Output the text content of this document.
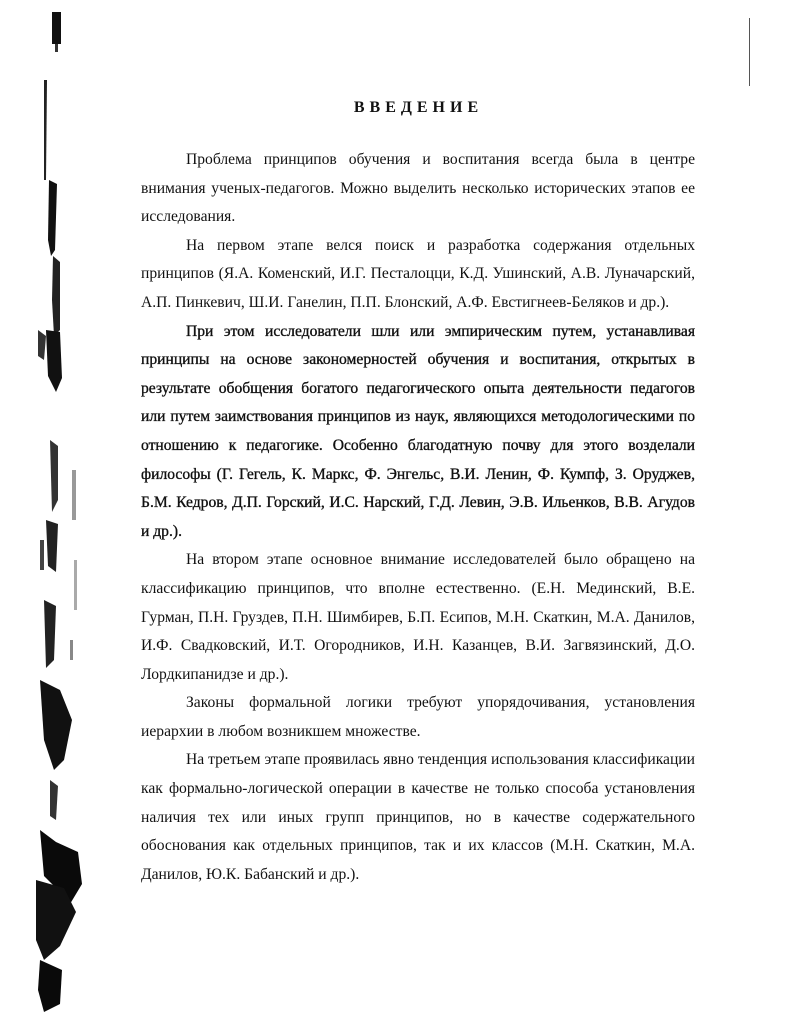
ВВЕДЕНИЕ

Проблема принципов обучения и воспитания всегда была в центре внимания ученых-педагогов. Можно выделить несколько исторических этапов ее исследования.

На первом этапе велся поиск и разработка содержания отдельных принципов (Я.А. Коменский, И.Г. Песталоцци, К.Д. Ушинский, А.В. Луначарский, А.П. Пинкевич, Ш.И. Ганелин, П.П. Блонский, А.Ф. Евстигнеев-Беляков и др.).

При этом исследователи шли или эмпирическим путем, устанавливая принципы на основе закономерностей обучения и воспитания, открытых в результате обобщения богатого педагогического опыта деятельности педагогов или путем заимствования принципов из наук, являющихся методологическими по отношению к педагогике. Особенно благодатную почву для этого возделали философы (Г. Гегель, К. Маркс, Ф. Энгельс, В.И. Ленин, Ф. Кумпф, З. Оруджев, Б.М. Кедров, Д.П. Горский, И.С. Нарский, Г.Д. Левин, Э.В. Ильенков, В.В. Агудов и др.).

На втором этапе основное внимание исследователей было обращено на классификацию принципов, что вполне естественно. (Е.Н. Мединский, В.Е. Гурман, П.Н. Груздев, П.Н. Шимбирев, Б.П. Есипов, М.Н. Скаткин, М.А. Данилов, И.Ф. Свадковский, И.Т. Огородников, И.Н. Казанцев, В.И. Загвязинский, Д.О. Лордкипанидзе и др.).

Законы формальной логики требуют упорядочивания, установления иерархии в любом возникшем множестве.

На третьем этапе проявилась явно тенденция использования классификации как формально-логической операции в качестве не только способа установления наличия тех или иных групп принципов, но в качестве содержательного обоснования как отдельных принципов, так и их классов (М.Н. Скаткин, М.А. Данилов, Ю.К. Бабанский и др.).
